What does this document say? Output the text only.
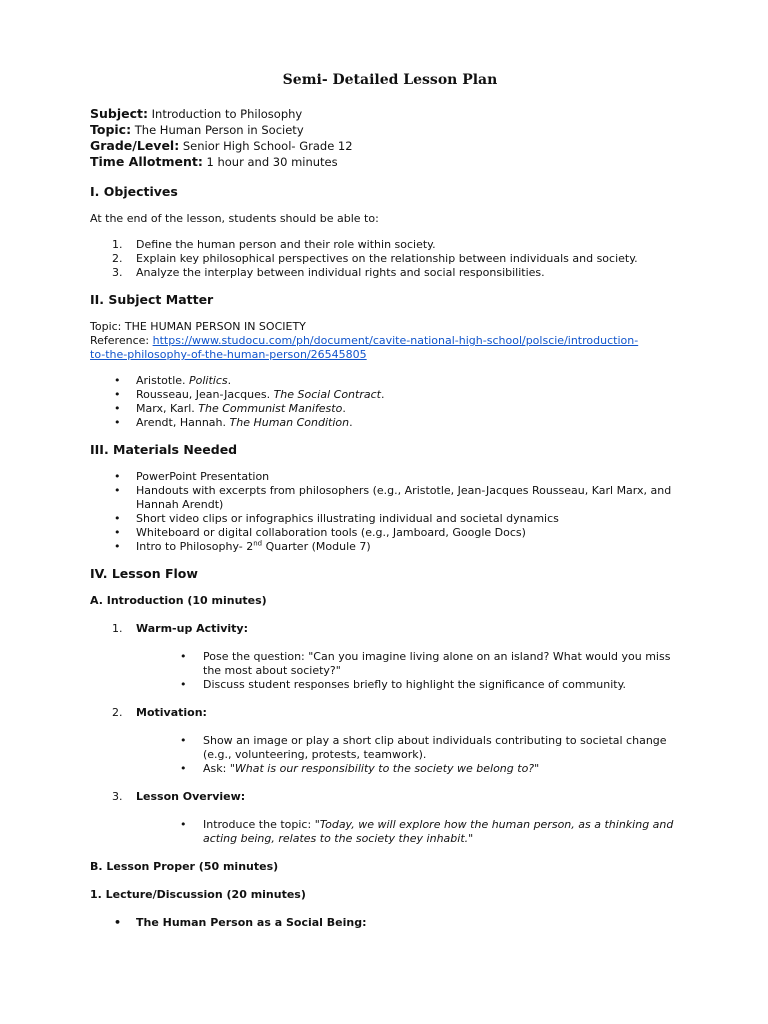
Semi- Detailed Lesson Plan
Subject: Introduction to Philosophy
Topic: The Human Person in Society
Grade/Level: Senior High School- Grade 12
Time Allotment: 1 hour and 30 minutes
I. Objectives

At the end of the lesson, students should be able to:

1. Define the human person and their role within society.
2. Explain key philosophical perspectives on the relationship between individuals and society.
3. Analyze the interplay between individual rights and social responsibilities.
II. Subject Matter

Topic: THE HUMAN PERSON IN SOCIETY

Reference: https://www.studocu.com/ph/document/cavite-national-high-school/polscie/introduction-
to-the-philosophy-of-the-human-person/26545805

• Aristotle. Politics.
• Rousseau, Jean-Jacques. The Social Contract.
• Marx, Karl. The Communist Manifesto.
• Arendt, Hannah. The Human Condition.
III. Materials Needed
• PowerPoint Presentation
• Handouts with excerpts from philosophers (e.g., Aristotle, Jean-Jacques Rousseau, Karl Marx, and Hannah Arendt)
• Short video clips or infographics illustrating individual and societal dynamics
• Whiteboard or digital collaboration tools (e.g., Jamboard, Google Docs)
• Intro to Philosophy- 2nd Quarter (Module 7)
IV. Lesson Flow

A. Introduction (10 minutes)

1. Warm-up Activity:
• Pose the question: "Can you imagine living alone on an island? What would you miss the most about society?"
• Discuss student responses briefly to highlight the significance of community.
2. Motivation:
• Show an image or play a short clip about individuals contributing to societal change (e.g., volunteering, protests, teamwork).
• Ask: "What is our responsibility to the society we belong to?"
3. Lesson Overview:
• Introduce the topic: "Today, we will explore how the human person, as a thinking and acting being, relates to the society they inhabit."

B. Lesson Proper (50 minutes)

1. Lecture/Discussion (20 minutes)

• The Human Person as a Social Being:
